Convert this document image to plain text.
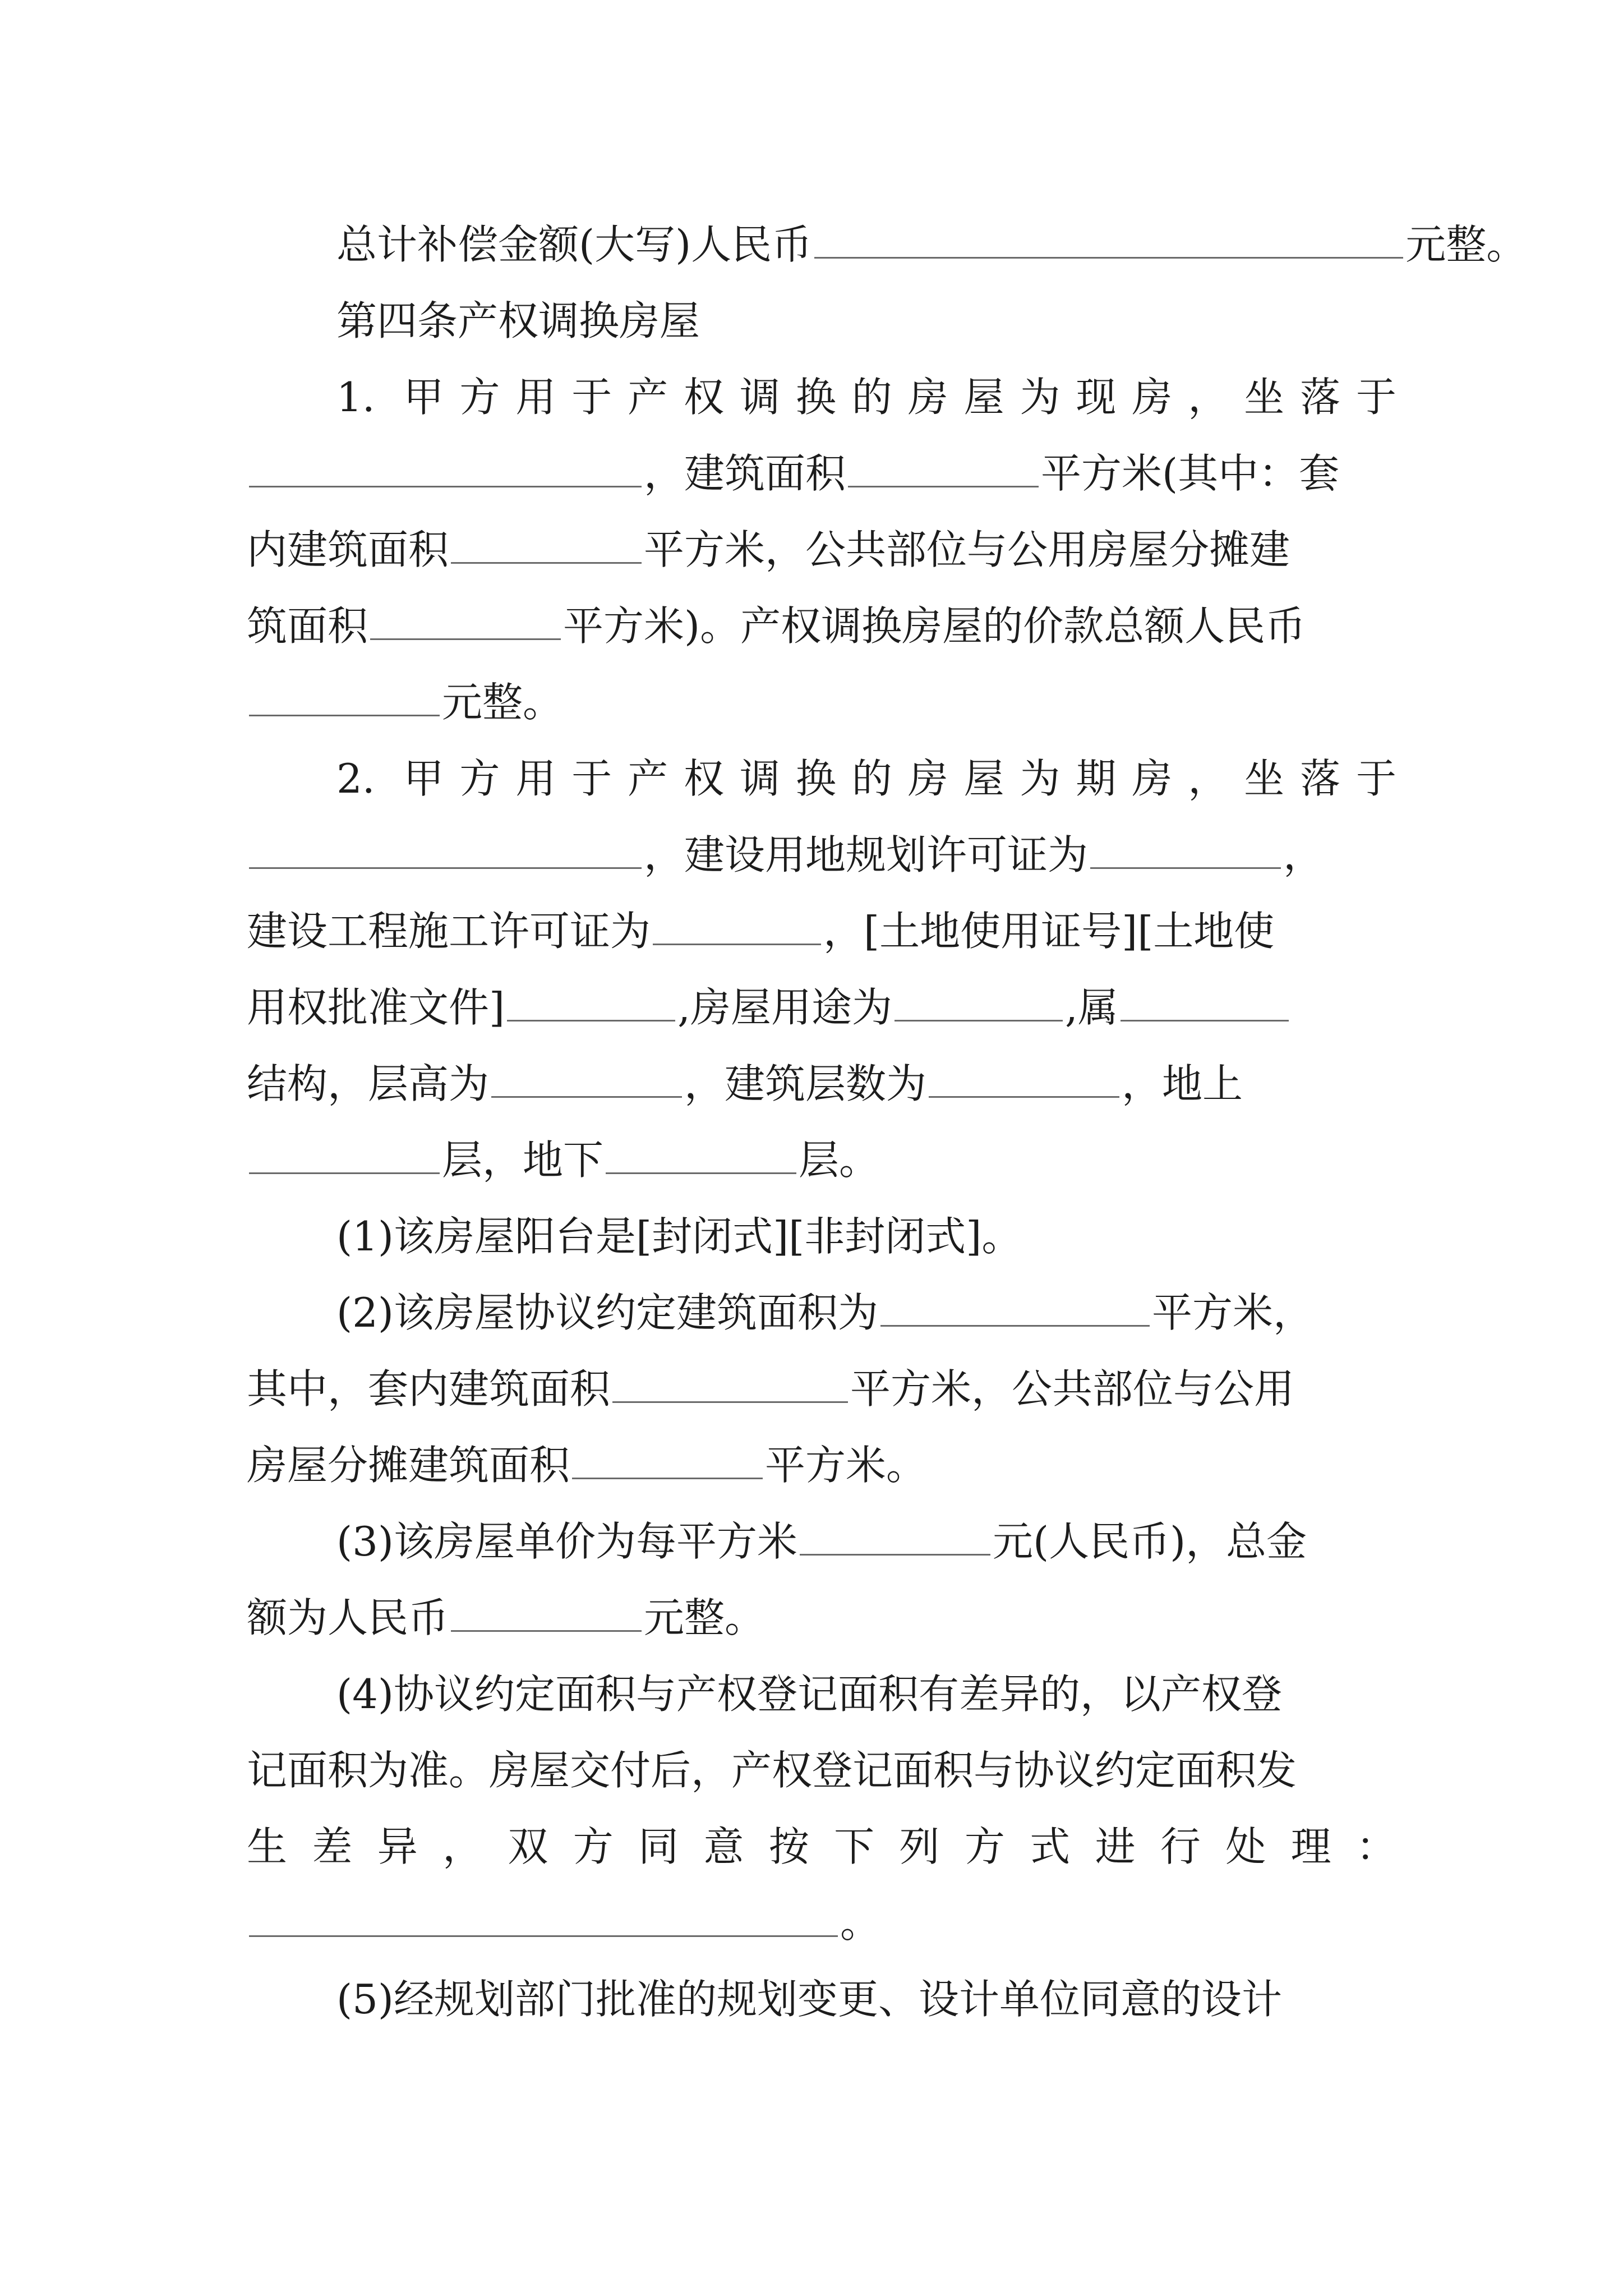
总计补偿金额(大写)人民币	元整。
第四条产权调换房屋
1. 甲方用于产权调换的房屋为现房，坐落于
，建筑面积	平方米(其中：套
内建筑面积	平方米，公共部位与公用房屋分摊建
筑面积	平方米)。产权调换房屋的价款总额人民币
元整。
2. 甲方用于产权调换的房屋为期房，坐落于
，建设用地规划许可证为	，
建设工程施工许可证为	，[土地使用证号][土地使
用权批准文件]	,房屋用途为	,属
结构，层高为	，建筑层数为	，地上
层，地下	层。
(1)该房屋阳台是[封闭式][非封闭式]。
(2)该房屋协议约定建筑面积为	平方米，
其中，套内建筑面积	平方米，公共部位与公用
房屋分摊建筑面积	平方米。
(3)该房屋单价为每平方米	元(人民币)，总金
额为人民币	元整。
(4)协议约定面积与产权登记面积有差异的，以产权登
记面积为准。房屋交付后，产权登记面积与协议约定面积发
生差异，双方同意按下列方式进行处理：
。
(5)经规划部门批准的规划变更、设计单位同意的设计
